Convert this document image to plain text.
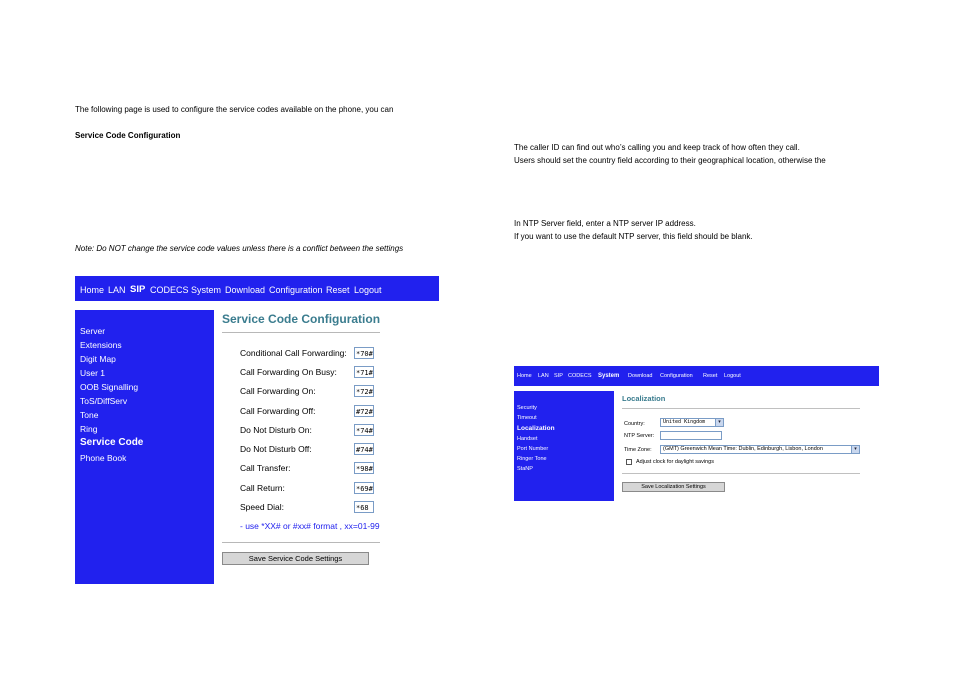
The following page is used to configure the service codes available on the phone, you can
Service Code Configuration
Note: Do NOT change the service code values unless there is a conflict between the settings
The caller ID can find out who’s calling you and keep track of how often they call.
Users should set the country field according to their geographical location, otherwise the
In NTP Server field, enter a NTP server IP address.
If you want to use the default NTP server, this field should be blank.
Home LAN SIP CODECS System Download Configuration Reset Logout
Server
Extensions
Digit Map
User 1
OOB Signalling
ToS/DiffServ
Tone
Ring
Service Code
Phone Book
Service Code Configuration
Conditional Call Forwarding: *70#
Call Forwarding On Busy:	*71#
Call Forwarding On:	*72#
Call Forwarding Off:	#72#
Do Not Disturb On:	*74#
Do Not Disturb Off:	#74#
Call Transfer:	*98#
Call Return:	*69#
Speed Dial:	*68
- use *XX# or #xx# format , xx=01-99
Save Service Code Settings
Home LAN SIP CODECS System Download Configuration Reset Logout
Security
Timeout
Localization
Handset
Port Number
Ringer Tone
StaNP
Localization
Country:	United Kingdom	▾
NTP Server:
Time Zone:	(GMT) Greenwich Mean Time: Dublin, Edinburgh, Lisbon, London	▾
Adjust clock for daylight savings
Save Localization Settings
